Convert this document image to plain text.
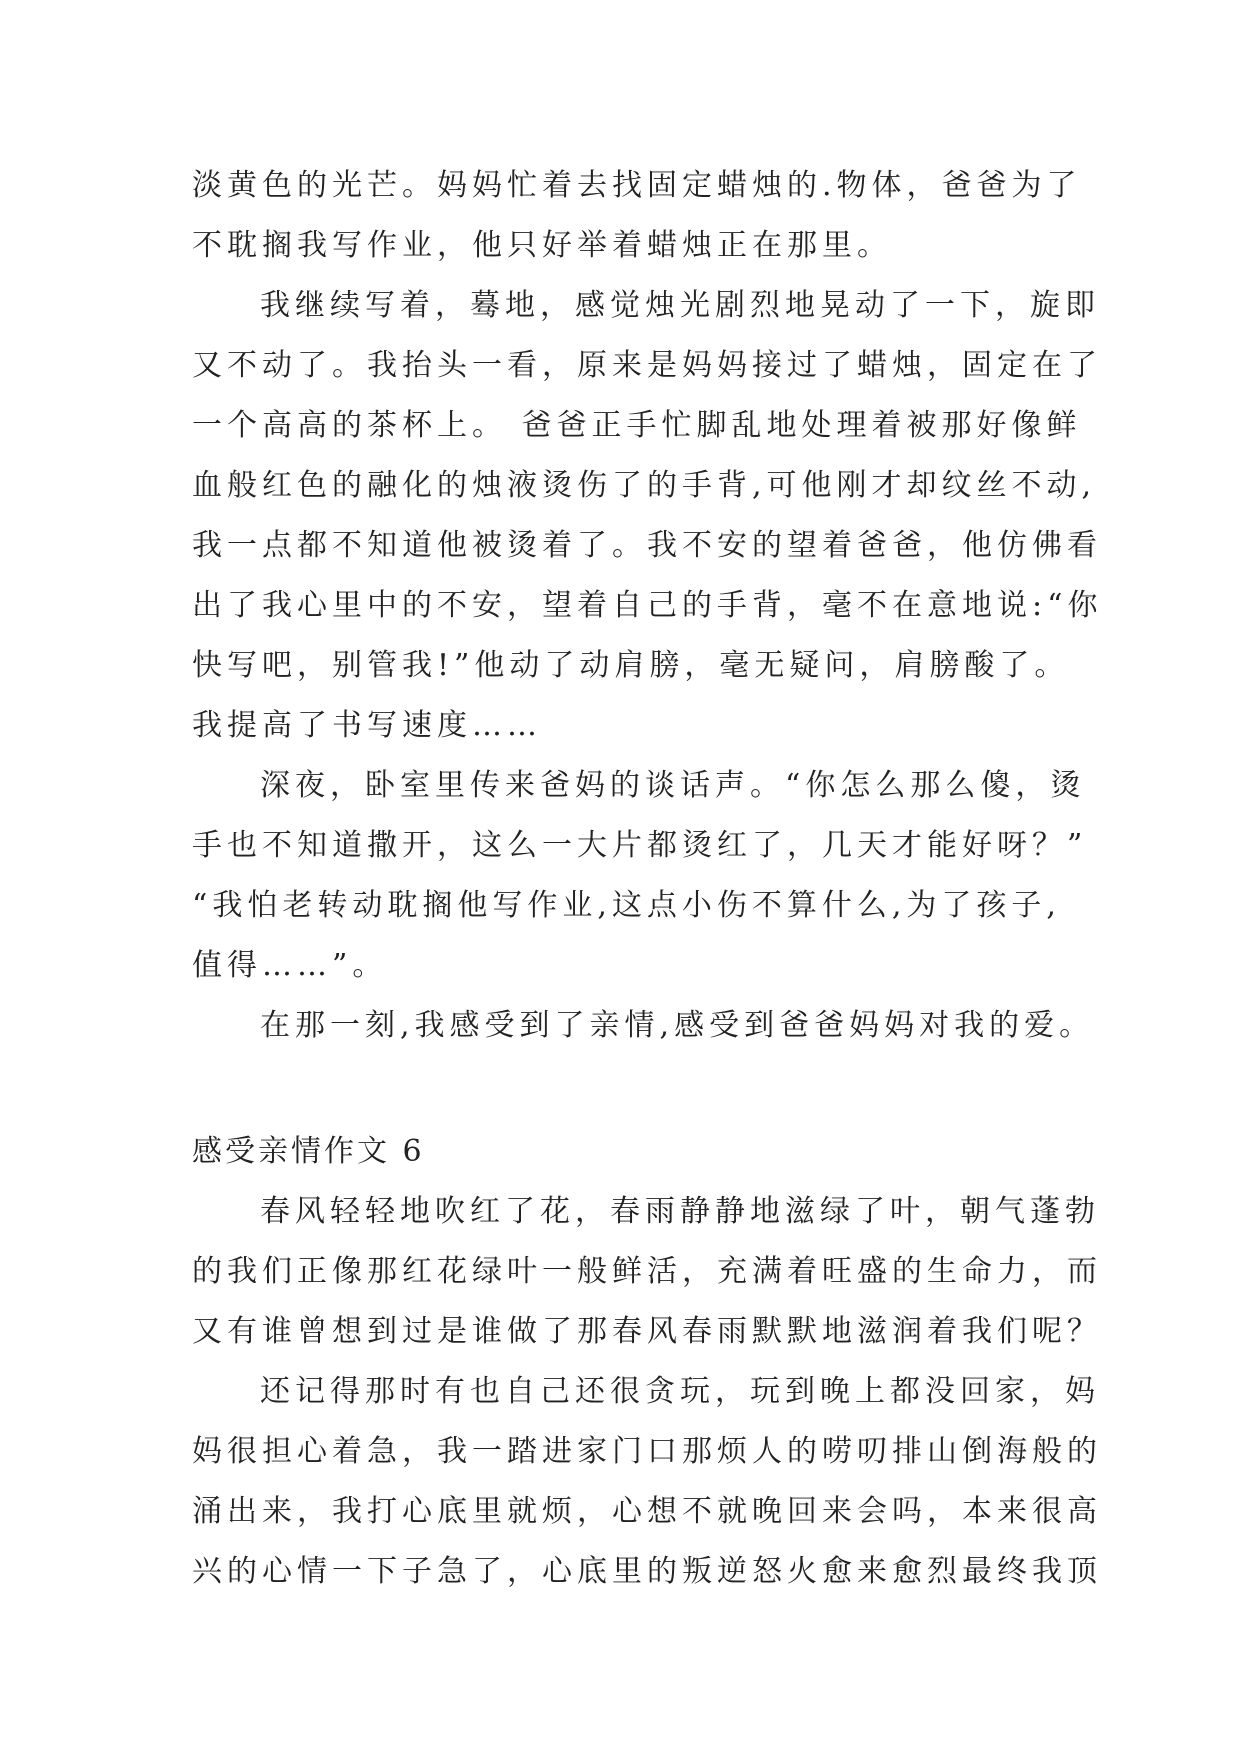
淡黄色的光芒。妈妈忙着去找固定蜡烛的.物体，爸爸为了
不耽搁我写作业，他只好举着蜡烛正在那里。
我继续写着，蓦地，感觉烛光剧烈地晃动了一下，旋即
又不动了。我抬头一看，原来是妈妈接过了蜡烛，固定在了
一个高高的茶杯上。 爸爸正手忙脚乱地处理着被那好像鲜
血般红色的融化的烛液烫伤了的手背,可他刚才却纹丝不动,
我一点都不知道他被烫着了。我不安的望着爸爸，他仿佛看
出了我心里中的不安，望着自己的手背，毫不在意地说:“你
快写吧，别管我!”他动了动肩膀，毫无疑问，肩膀酸了。
我提高了书写速度……
深夜，卧室里传来爸妈的谈话声。“你怎么那么傻，烫
手也不知道撒开，这么一大片都烫红了，几天才能好呀？”
“我怕老转动耽搁他写作业,这点小伤不算什么,为了孩子,
值得……”。
在那一刻,我感受到了亲情,感受到爸爸妈妈对我的爱。
感受亲情作文 6
春风轻轻地吹红了花，春雨静静地滋绿了叶，朝气蓬勃
的我们正像那红花绿叶一般鲜活，充满着旺盛的生命力，而
又有谁曾想到过是谁做了那春风春雨默默地滋润着我们呢？
还记得那时有也自己还很贪玩，玩到晚上都没回家，妈
妈很担心着急，我一踏进家门口那烦人的唠叨排山倒海般的
涌出来，我打心底里就烦，心想不就晚回来会吗，本来很高
兴的心情一下子急了，心底里的叛逆怒火愈来愈烈最终我顶
